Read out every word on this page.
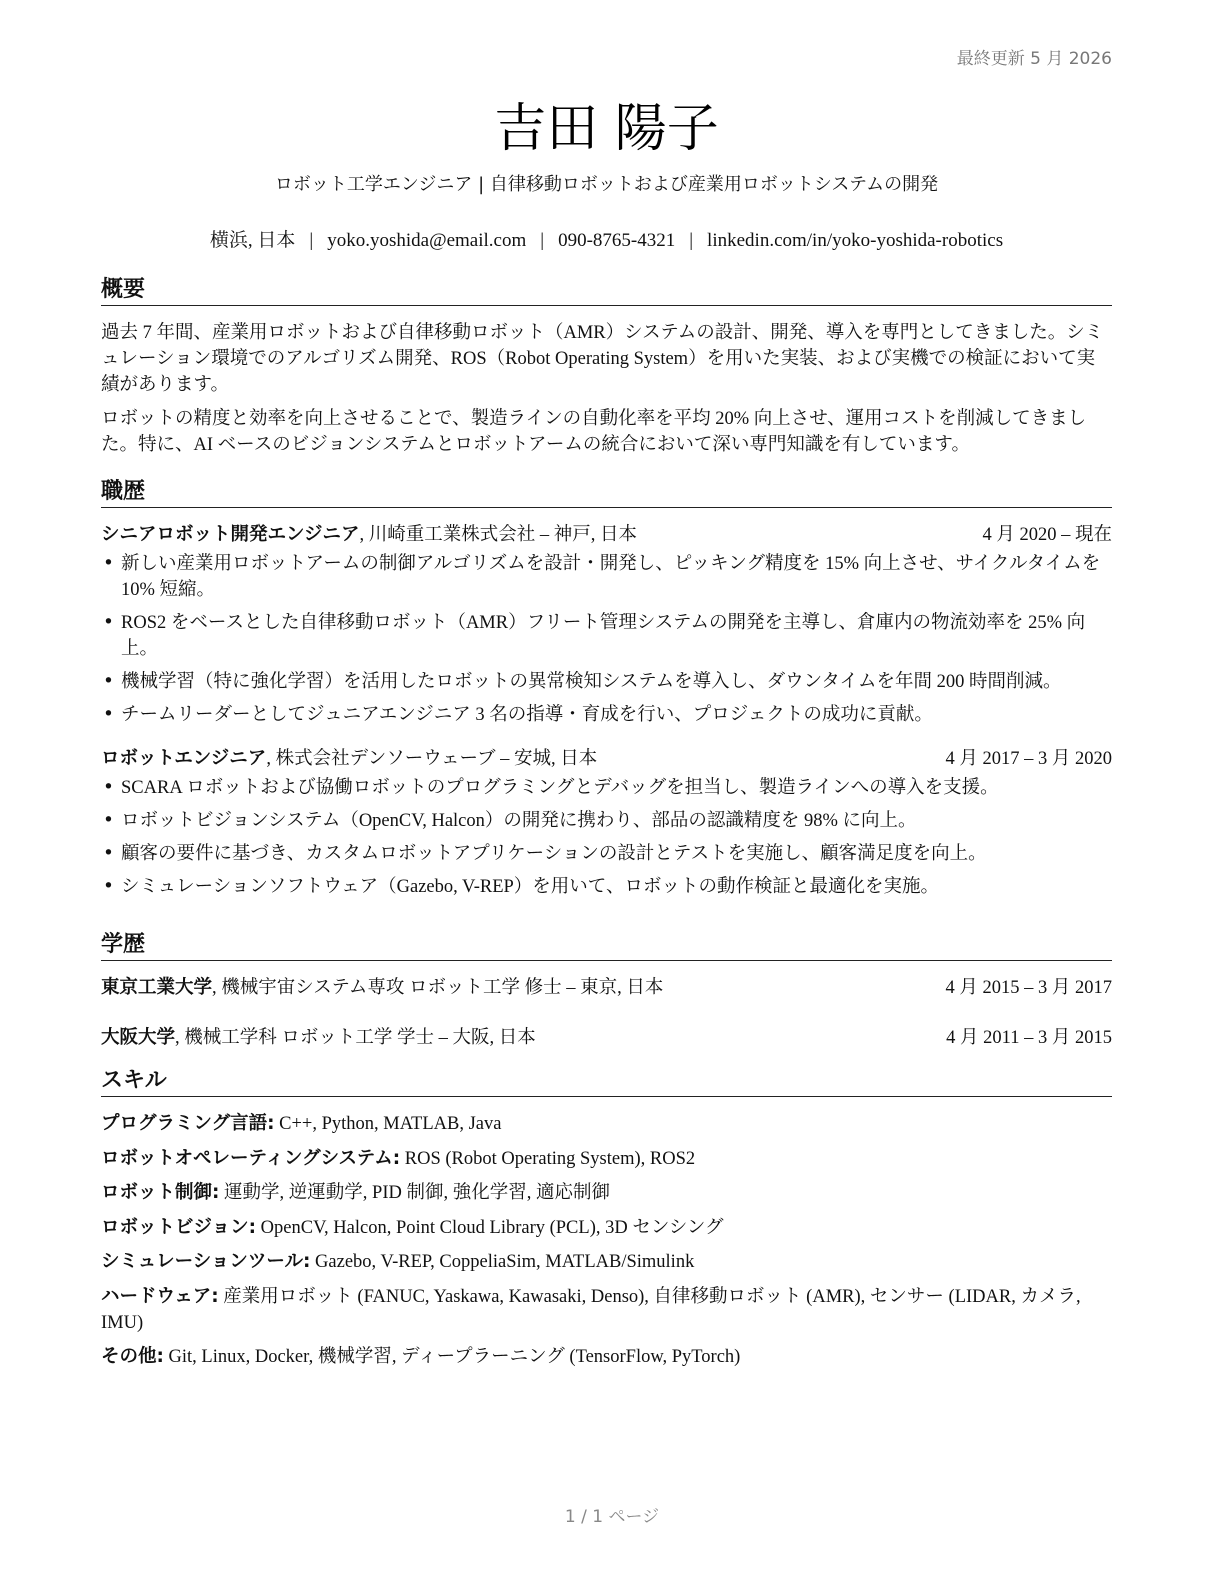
最終更新 5 月 2026
吉田 陽子
ロボット工学エンジニア | 自律移動ロボットおよび産業用ロボットシステムの開発
横浜, 日本 | yoko.yoshida@email.com | 090-8765-4321 | linkedin.com/in/yoko-yoshida-robotics
概要

過去 7 年間、産業用ロボットおよび自律移動ロボット（AMR）システムの設計、開発、導入を専門としてきました。シミュレーション環境でのアルゴリズム開発、ROS（Robot Operating System）を用いた実装、および実機での検証において実績があります。

ロボットの精度と効率を向上させることで、製造ラインの自動化率を平均 20% 向上させ、運用コストを削減してきました。特に、AI ベースのビジョンシステムとロボットアームの統合において深い専門知識を有しています。

職歴
シニアロボット開発エンジニア, 川崎重工業株式会社 – 神戸, 日本	4 月 2020 – 現在
• 新しい産業用ロボットアームの制御アルゴリズムを設計・開発し、ピッキング精度を 15% 向上させ、サイクルタイムを 10% 短縮。
• ROS2 をベースとした自律移動ロボット（AMR）フリート管理システムの開発を主導し、倉庫内の物流効率を 25% 向上。
• 機械学習（特に強化学習）を活用したロボットの異常検知システムを導入し、ダウンタイムを年間 200 時間削減。
• チームリーダーとしてジュニアエンジニア 3 名の指導・育成を行い、プロジェクトの成功に貢献。
ロボットエンジニア, 株式会社デンソーウェーブ – 安城, 日本	4 月 2017 – 3 月 2020
• SCARA ロボットおよび協働ロボットのプログラミングとデバッグを担当し、製造ラインへの導入を支援。
• ロボットビジョンシステム（OpenCV, Halcon）の開発に携わり、部品の認識精度を 98% に向上。
• 顧客の要件に基づき、カスタムロボットアプリケーションの設計とテストを実施し、顧客満足度を向上。
• シミュレーションソフトウェア（Gazebo, V-REP）を用いて、ロボットの動作検証と最適化を実施。
学歴
東京工業大学, 機械宇宙システム専攻 ロボット工学 修士 – 東京, 日本	4 月 2015 – 3 月 2017
大阪大学, 機械工学科 ロボット工学 学士 – 大阪, 日本	4 月 2011 – 3 月 2015
スキル
プログラミング言語: C++, Python, MATLAB, Java
ロボットオペレーティングシステム: ROS (Robot Operating System), ROS2
ロボット制御: 運動学, 逆運動学, PID 制御, 強化学習, 適応制御
ロボットビジョン: OpenCV, Halcon, Point Cloud Library (PCL), 3D センシング
シミュレーションツール: Gazebo, V-REP, CoppeliaSim, MATLAB/Simulink
ハードウェア: 産業用ロボット (FANUC, Yaskawa, Kawasaki, Denso), 自律移動ロボット (AMR), センサー (LIDAR, カメラ, IMU)
その他: Git, Linux, Docker, 機械学習, ディープラーニング (TensorFlow, PyTorch)
1 / 1 ページ
